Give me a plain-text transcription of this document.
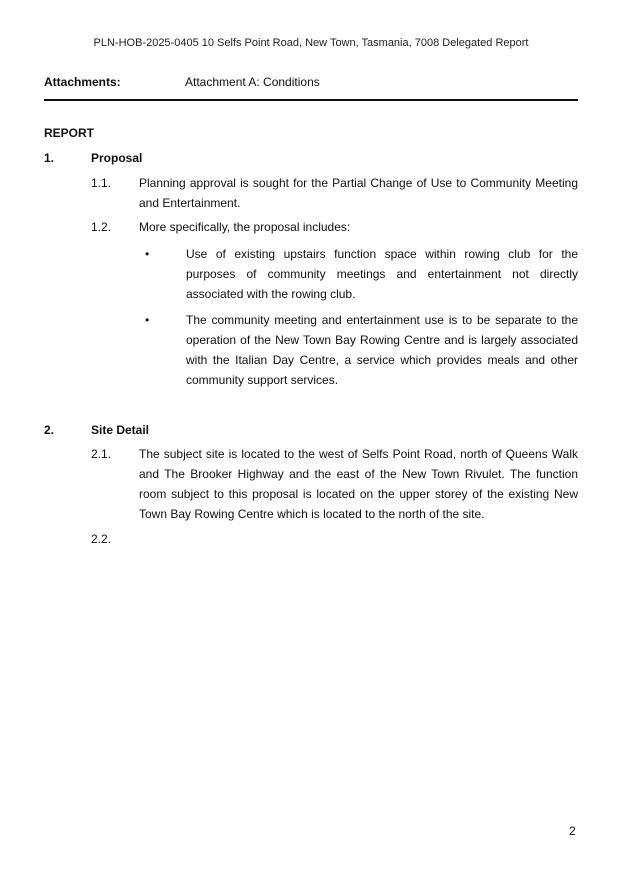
PLN-HOB-2025-0405 10 Selfs Point Road, New Town, Tasmania, 7008 Delegated Report
Attachments:	Attachment A: Conditions
REPORT
1.	Proposal
1.1. Planning approval is sought for the Partial Change of Use to Community Meeting and Entertainment.
1.2. More specifically, the proposal includes:
•	Use of existing upstairs function space within rowing club for the purposes of community meetings and entertainment not directly associated with the rowing club.
•	The community meeting and entertainment use is to be separate to the operation of the New Town Bay Rowing Centre and is largely associated with the Italian Day Centre, a service which provides meals and other community support services.
2.	Site Detail
2.1. The subject site is located to the west of Selfs Point Road, north of Queens Walk and The Brooker Highway and the east of the New Town Rivulet. The function room subject to this proposal is located on the upper storey of the existing New Town Bay Rowing Centre which is located to the north of the site.
2.2.
2
